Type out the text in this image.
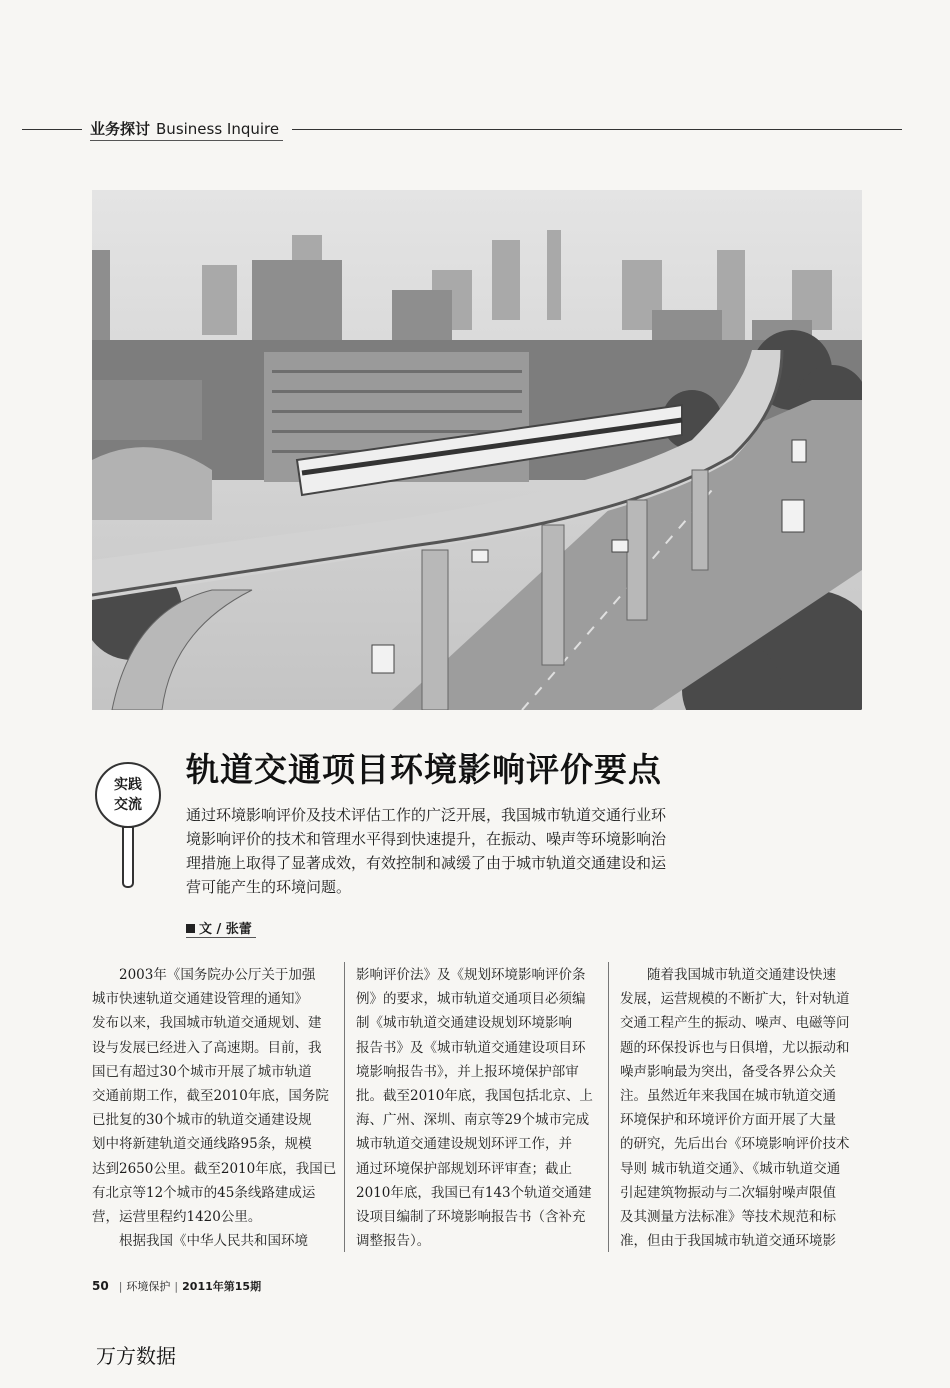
业务探讨 Business Inquire
实践
交流
轨道交通项目环境影响评价要点
通过环境影响评价及技术评估工作的广泛开展，我国城市轨道交通行业环
境影响评价的技术和管理水平得到快速提升，在振动、噪声等环境影响治
理措施上取得了显著成效，有效控制和减缓了由于城市轨道交通建设和运
营可能产生的环境问题。
文 / 张蕾
　　2003年《国务院办公厅关于加强
城市快速轨道交通建设管理的通知》
发布以来，我国城市轨道交通规划、建
设与发展已经进入了高速期。目前，我
国已有超过30个城市开展了城市轨道
交通前期工作，截至2010年底，国务院
已批复的30个城市的轨道交通建设规
划中将新建轨道交通线路95条，规模
达到2650公里。截至2010年底，我国已
有北京等12个城市的45条线路建成运
营，运营里程约1420公里。
　　根据我国《中华人民共和国环境
影响评价法》及《规划环境影响评价条
例》的要求，城市轨道交通项目必须编
制《城市轨道交通建设规划环境影响
报告书》及《城市轨道交通建设项目环
境影响报告书》，并上报环境保护部审
批。截至2010年底，我国包括北京、上
海、广州、深圳、南京等29个城市完成
城市轨道交通建设规划环评工作，并
通过环境保护部规划环评审查；截止
2010年底，我国已有143个轨道交通建
设项目编制了环境影响报告书（含补充
调整报告）。
　　随着我国城市轨道交通建设快速
发展，运营规模的不断扩大，针对轨道
交通工程产生的振动、噪声、电磁等问
题的环保投诉也与日俱增，尤以振动和
噪声影响最为突出，备受各界公众关
注。虽然近年来我国在城市轨道交通
环境保护和环境评价方面开展了大量
的研究，先后出台《环境影响评价技术
导则 城市轨道交通》、《城市轨道交通
引起建筑物振动与二次辐射噪声限值
及其测量方法标准》等技术规范和标
准，但由于我国城市轨道交通环境影
50 | 环境保护 | 2011年第15期
万方数据
